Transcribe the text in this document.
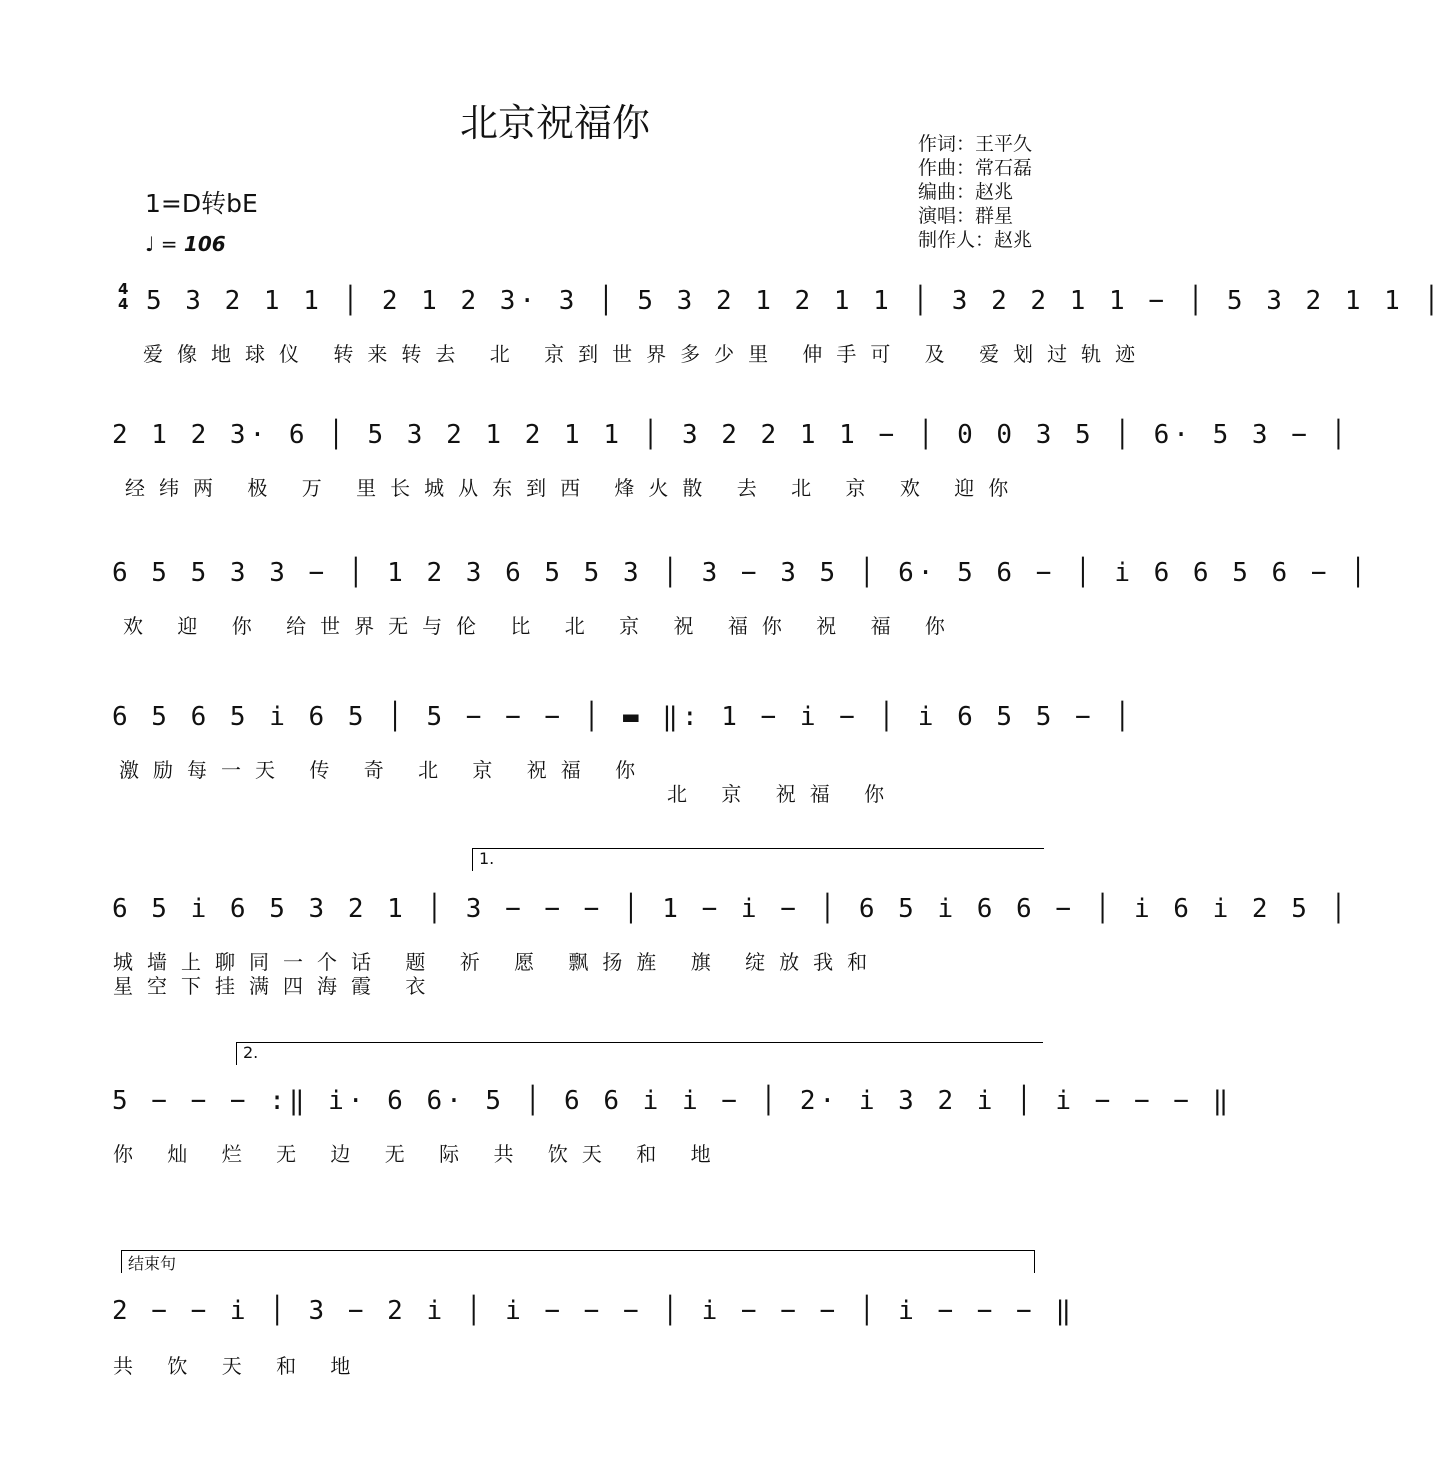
北京祝福你	作词：王平久
作曲：常石磊
编曲：赵兆
演唱：群星
制作人：赵兆
1=D转bE
♩ = 106
4
4 5 3 2 1 1 │ 2 1 2 3· 3 │ 5 3 2 1 2 1 1 │ 3 2 2 1 1 − │ 5 3 2 1 1 │
爱像地球仪 转来转去 北 京到世界多少里 伸手可 及 爱划过轨迹
2 1 2 3· 6 │ 5 3 2 1 2 1 1 │ 3 2 2 1 1 − │ 0 0 3 5 │ 6· 5 3 − │
经纬两 极 万 里长城从东到西 烽火散 去 北 京 欢 迎你
6 5 5 3 3 − │ 1 2 3 6 5 5 3 │ 3 − 3 5 │ 6· 5 6 − │ i 6 6 5 6 − │
欢 迎 你 给世界无与伦 比 北 京 祝 福你 祝 福 你
6 5 6 5 i 6 5 │ 5 − − − │ ▬ ‖: 1 − i − │ i 6 5 5 − │
激励每一天 传 奇 北 京 祝福 你
北 京 祝福 你
1.
6 5 i 6 5 3 2 1 │ 3 − − − │ 1 − i − │ 6 5 i 6 6 − │ i 6 i 2 5 │
城墙上聊同一个话 题 祈 愿 飘扬旌 旗 绽放我和
星空下挂满四海霞 衣
2.
5 − − − :‖ i· 6 6· 5 │ 6 6 i i − │ 2· i 3 2 i │ i − − − ‖
你 灿 烂 无 边 无 际 共 饮天 和 地
结束句
2 − − i │ 3 − 2 i │ i − − − │ i − − − │ i − − − ‖
共 饮 天 和 地
